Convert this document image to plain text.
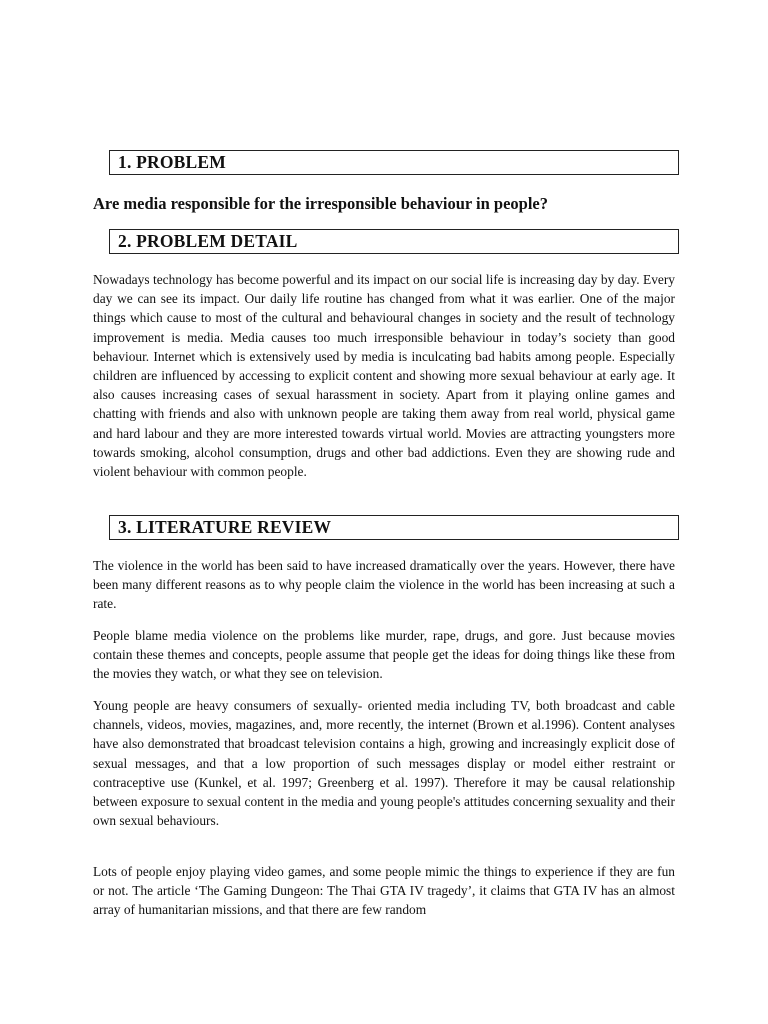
1. PROBLEM
Are media responsible for the irresponsible behaviour in people?
2. PROBLEM DETAIL

Nowadays technology has become powerful and its impact on our social life is increasing day by day. Every day we can see its impact. Our daily life routine has changed from what it was earlier. One of the major things which cause to most of the cultural and behavioural changes in society and the result of technology improvement is media. Media causes too much irresponsible behaviour in today’s society than good behaviour. Internet which is extensively used by media is inculcating bad habits among people. Especially children are influenced by accessing to explicit content and showing more sexual behaviour at early age. It also causes increasing cases of sexual harassment in society. Apart from it playing online games and chatting with friends and also with unknown people are taking them away from real world, physical game and hard labour and they are more interested towards virtual world. Movies are attracting youngsters more towards smoking, alcohol consumption, drugs and other bad addictions. Even they are showing rude and violent behaviour with common people.

3. LITERATURE REVIEW

The violence in the world has been said to have increased dramatically over the years. However, there have been many different reasons as to why people claim the violence in the world has been increasing at such a rate.

People blame media violence on the problems like murder, rape, drugs, and gore. Just because movies contain these themes and concepts, people assume that people get the ideas for doing things like these from the movies they watch, or what they see on television.

Young people are heavy consumers of sexually- oriented media including TV, both broadcast and cable channels, videos, movies, magazines, and, more recently, the internet (Brown et al.1996). Content analyses have also demonstrated that broadcast television contains a high, growing and increasingly explicit dose of sexual messages, and that a low proportion of such messages display or model either restraint or contraceptive use (Kunkel, et al. 1997; Greenberg et al. 1997). Therefore it may be causal relationship between exposure to sexual content in the media and young people's attitudes concerning sexuality and their own sexual behaviours.

Lots of people enjoy playing video games, and some people mimic the things to experience if they are fun or not. The article ‘The Gaming Dungeon: The Thai GTA IV tragedy’, it claims that GTA IV has an almost array of humanitarian missions, and that there are few random
